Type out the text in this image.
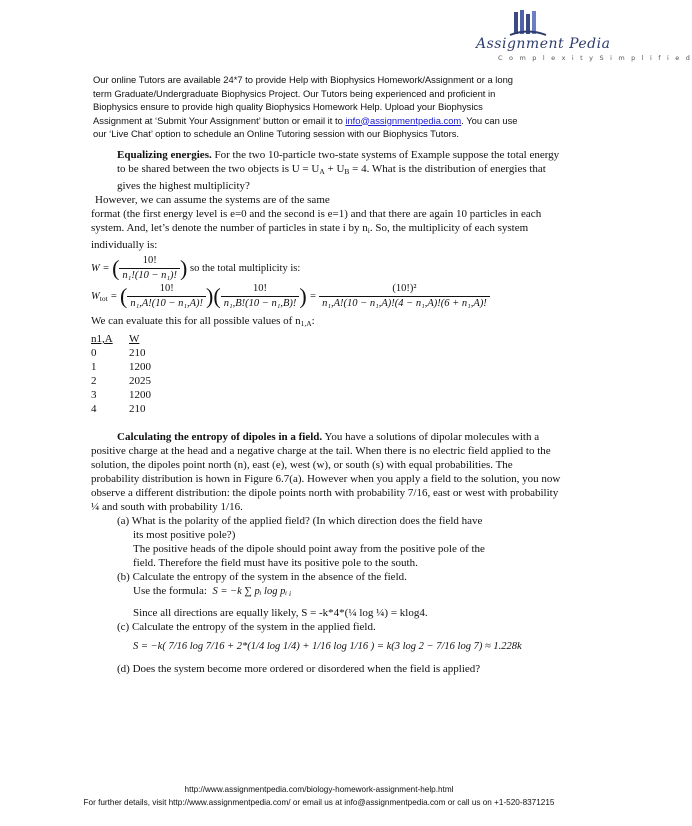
Assignment Pedia
C o m p l e x i t y S i m p l i f i e d
Our online Tutors are available 24*7 to provide Help with Biophysics Homework/Assignment or a long
term Graduate/Undergraduate Biophysics Project. Our Tutors being experienced and proficient in
Biophysics ensure to provide high quality Biophysics Homework Help. Upload your Biophysics
Assignment at ‘Submit Your Assignment’ button or email it to info@assignmentpedia.com. You can use
our ‘Live Chat’ option to schedule an Online Tutoring session with our Biophysics Tutors.

Equalizing energies. For the two 10-particle two-state systems of Example suppose the total energy to be shared between the two objects is $U = U_A + U_B = 4$. What is the distribution of energies that gives the highest multiplicity?

However, we can assume the systems are of the same

format (the first energy level is e=0 and the second is e=1) and that there are again 10 particles in each system. And, let’s denote the number of particles in state i by $n_i$. So, the multiplicity of each system individually is:

W = ( $\frac{10!}{\text{n₁!(10 − n₁)!}}$ ) so the total multiplicity is:
$W_{tot}$ = ( $\frac{10!}{\text{n₁,A!(10 − n₁,A)!}}$ )( $\frac{10!}{\text{n₁,B!(10 − n₁,B)!}}$ ) = $\frac{\text{(10!)²}}{\text{n₁,A!(10 − n₁,A)!(4 − n₁,A)!(6 + n₁,A)!}}$

We can evaluate this for all possible values of $n_{1,A}$:

n1,A W
0	210
1	1200
2	2025
3	1200
4	210

Calculating the entropy of dipoles in a field. You have a solutions of dipolar molecules with a positive charge at the head and a negative charge at the tail. When there is no electric field applied to the solution, the dipoles point north (n), east (e), west (w), or south (s) with equal probabilities. The probability distribution is hown in Figure 6.7(a). However when you apply a field to the solution, you now observe a different distribution: the dipole points north with probability 7/16, east or west with probability ¼ and south with probability 1/16.

(a) What is the polarity of the applied field? (In which direction does the field have

its most positive pole?)

The positive heads of the dipole should point away from the positive pole of the

field. Therefore the field must have its positive pole to the south.

(b) Calculate the entropy of the system in the absence of the field.

Use the formula: S = −k ∑ pᵢ log pᵢ $_i$

Since all directions are equally likely, S = -k*4*(¼ log ¼) = klog4.

(c) Calculate the entropy of the system in the applied field.

S = −k( 7/16 log 7/16 + 2*(1/4 log 1/4) + 1/16 log 1/16 ) = k(3 log 2 − 7/16 log 7) ≈ 1.228k

(d) Does the system become more ordered or disordered when the field is applied?

http://www.assignmentpedia.com/biology-homework-assignment-help.html
For further details, visit http://www.assignmentpedia.com/ or email us at info@assignmentpedia.com or call us on +1-520-8371215
